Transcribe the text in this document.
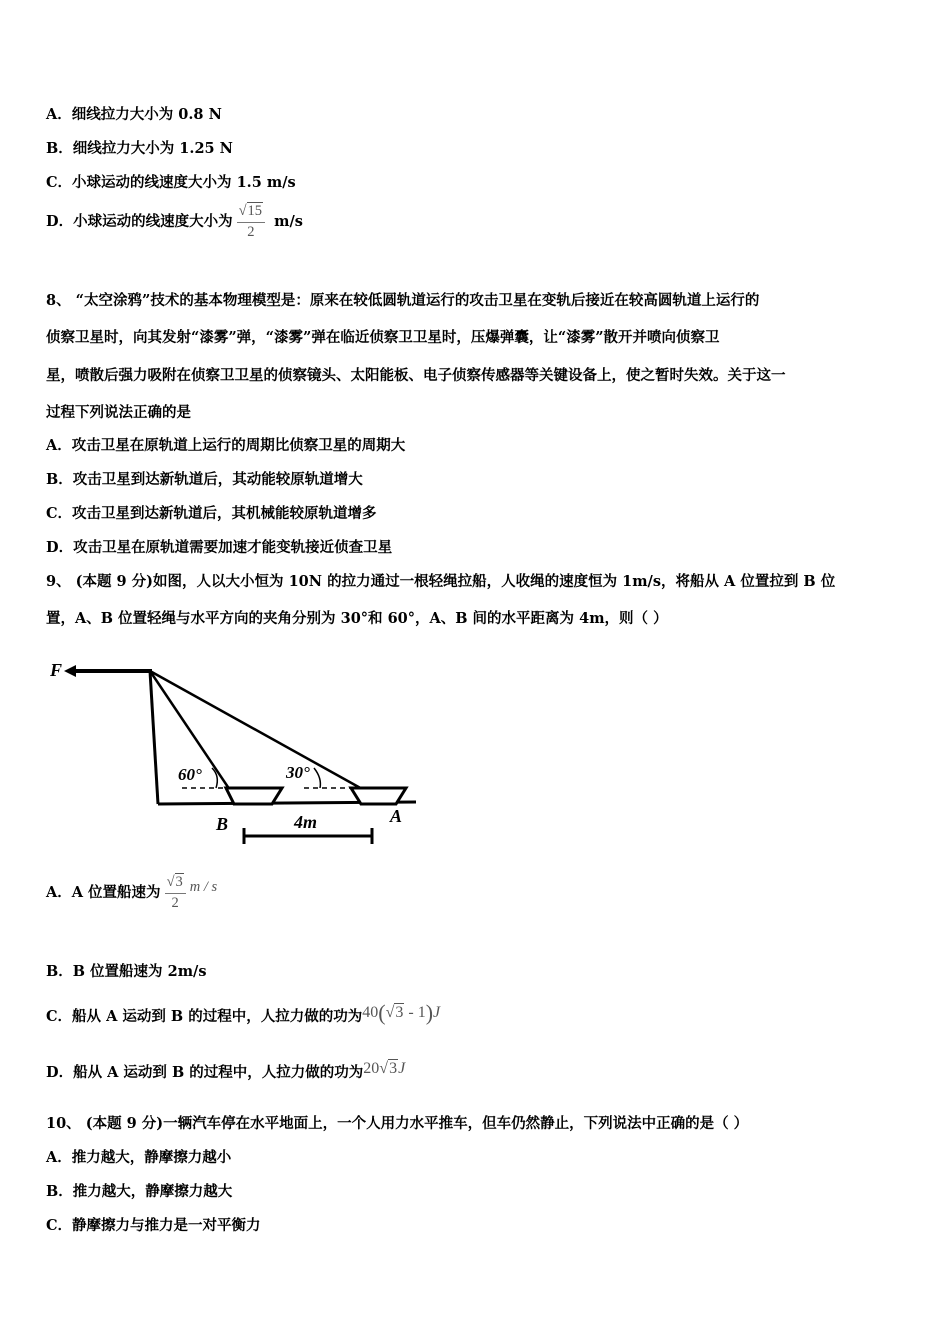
A．细线拉力大小为 0.8 N
B．细线拉力大小为 1.25 N
C．小球运动的线速度大小为 1.5 m/s
D．小球运动的线速度大小为 $\frac{√15}{2} m/s$
8、 “太空涂鸦”技术的基本物理模型是：原来在较低圆轨道运行的攻击卫星在变轨后接近在较高圆轨道上运行的
侦察卫星时，向其发射“漆雾”弹，“漆雾”弹在临近侦察卫卫星时，压爆弹囊，让“漆雾”散开并喷向侦察卫
星，喷散后强力吸附在侦察卫卫星的侦察镜头、太阳能板、电子侦察传感器等关键设备上，使之暂时失效。关于这一
过程下列说法正确的是
A．攻击卫星在原轨道上运行的周期比侦察卫星的周期大
B．攻击卫星到达新轨道后，其动能较原轨道增大
C．攻击卫星到达新轨道后，其机械能较原轨道增多
D．攻击卫星在原轨道需要加速才能变轨接近侦查卫星
9、 (本题 9 分)如图，人以大小恒为 10N 的拉力通过一根轻绳拉船，人收绳的速度恒为 1m/s，将船从 A 位置拉到 B 位
置，A、B 位置轻绳与水平方向的夹角分别为 30°和 60°，A、B 间的水平距离为 4m，则（ ）
F
60°	30°
B	A
4m
A．A 位置船速为 $\frac{√3}{2}$ m / s
B．B 位置船速为 2m/s
C．船从 A 运动到 B 的过程中，人拉力做的功为40(√3 - 1)J
D．船从 A 运动到 B 的过程中，人拉力做的功为20√3J
10、 (本题 9 分)一辆汽车停在水平地面上，一个人用力水平推车，但车仍然静止，下列说法中正确的是（ ）
A．推力越大，静摩擦力越小
B．推力越大，静摩擦力越大
C．静摩擦力与推力是一对平衡力
